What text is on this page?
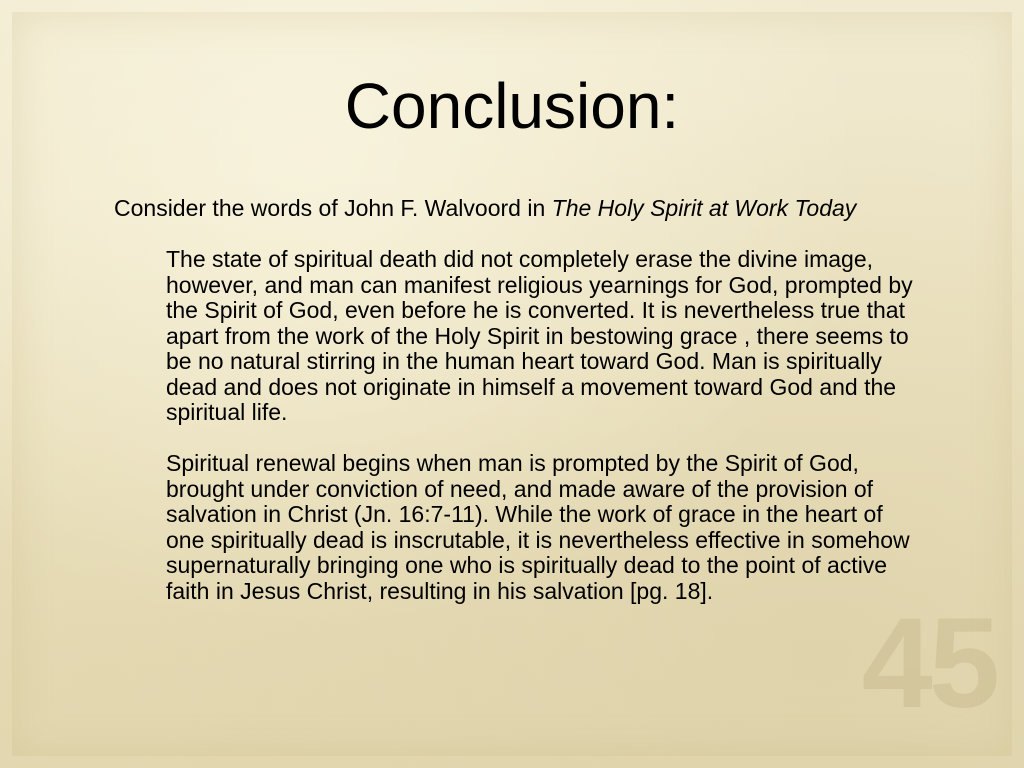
Conclusion:

Consider the words of John F. Walvoord in The Holy Spirit at Work Today

The state of spiritual death did not completely erase the divine image, however, and man can manifest religious yearnings for God, prompted by the Spirit of God, even before he is converted. It is nevertheless true that apart from the work of the Holy Spirit in bestowing grace , there seems to be no natural stirring in the human heart toward God. Man is spiritually dead and does not originate in himself a movement toward God and the spiritual life.

Spiritual renewal begins when man is prompted by the Spirit of God, brought under conviction of need, and made aware of the provision of salvation in Christ (Jn. 16:7-11). While the work of grace in the heart of one spiritually dead is inscrutable, it is nevertheless effective in somehow supernaturally bringing one who is spiritually dead to the point of active faith in Jesus Christ, resulting in his salvation [pg. 18].

45
